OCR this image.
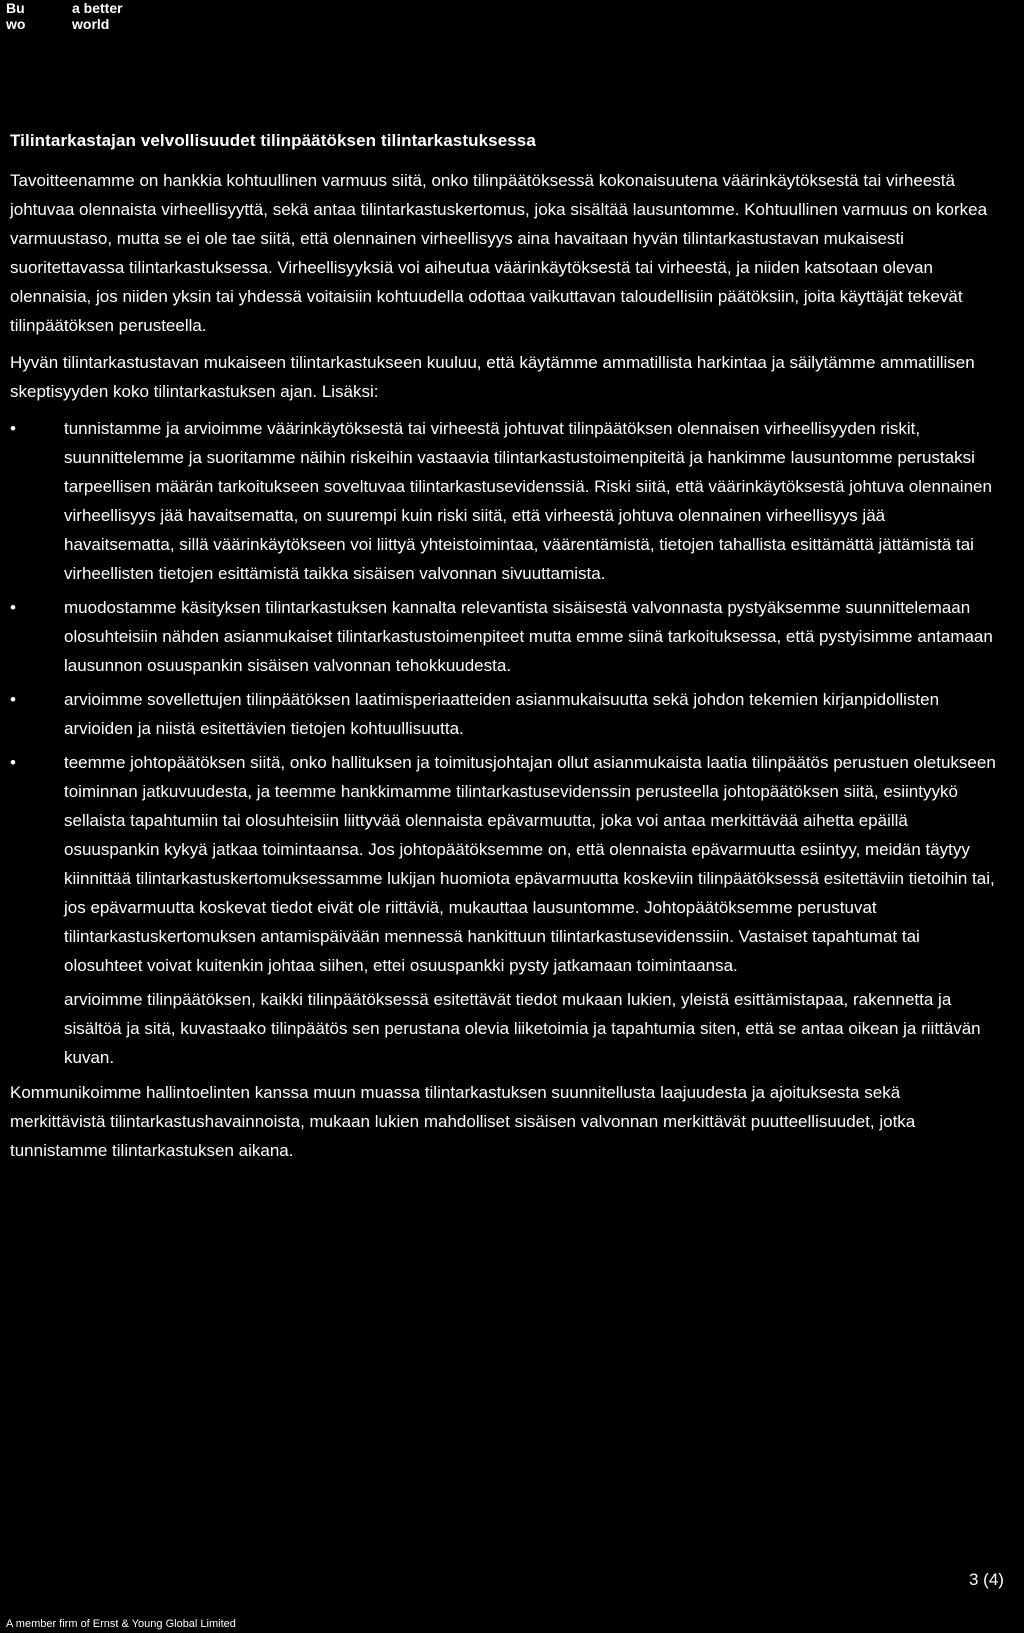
Bu
wo
a better
world
Tilintarkastajan velvollisuudet tilinpäätöksen tilintarkastuksessa

Tavoitteenamme on hankkia kohtuullinen varmuus siitä, onko tilinpäätöksessä kokonaisuutena väärinkäytöksestä tai virheestä johtuvaa olennaista virheellisyyttä, sekä antaa tilintarkastuskertomus, joka sisältää lausuntomme. Kohtuullinen varmuus on korkea varmuustaso, mutta se ei ole tae siitä, että olennainen virheellisyys aina havaitaan hyvän tilintarkastustavan mukaisesti suoritettavassa tilintarkastuksessa. Virheellisyyksiä voi aiheutua väärinkäytöksestä tai virheestä, ja niiden katsotaan olevan olennaisia, jos niiden yksin tai yhdessä voitaisiin kohtuudella odottaa vaikuttavan taloudellisiin päätöksiin, joita käyttäjät tekevät tilinpäätöksen perusteella.

Hyvän tilintarkastustavan mukaiseen tilintarkastukseen kuuluu, että käytämme ammatillista harkintaa ja säilytämme ammatillisen skeptisyyden koko tilintarkastuksen ajan. Lisäksi:

•	tunnistamme ja arvioimme väärinkäytöksestä tai virheestä johtuvat tilinpäätöksen olennaisen virheellisyyden riskit, suunnittelemme ja suoritamme näihin riskeihin vastaavia tilintarkastustoimenpiteitä ja hankimme lausuntomme perustaksi tarpeellisen määrän tarkoitukseen soveltuvaa tilintarkastusevidenssiä. Riski siitä, että väärinkäytöksestä johtuva olennainen virheellisyys jää havaitsematta, on suurempi kuin riski siitä, että virheestä johtuva olennainen virheellisyys jää havaitsematta, sillä väärinkäytökseen voi liittyä yhteistoimintaa, väärentämistä, tietojen tahallista esittämättä jättämistä tai virheellisten tietojen esittämistä taikka sisäisen valvonnan sivuuttamista.
•	muodostamme käsityksen tilintarkastuksen kannalta relevantista sisäisestä valvonnasta pystyäksemme suunnittelemaan olosuhteisiin nähden asianmukaiset tilintarkastustoimenpiteet mutta emme siinä tarkoituksessa, että pystyisimme antamaan lausunnon osuuspankin sisäisen valvonnan tehokkuudesta.
•	arvioimme sovellettujen tilinpäätöksen laatimisperiaatteiden asianmukaisuutta sekä johdon tekemien kirjanpidollisten arvioiden ja niistä esitettävien tietojen kohtuullisuutta.
•	teemme johtopäätöksen siitä, onko hallituksen ja toimitusjohtajan ollut asianmukaista laatia tilinpäätös perustuen oletukseen toiminnan jatkuvuudesta, ja teemme hankkimamme tilintarkastusevidenssin perusteella johtopäätöksen siitä, esiintyykö sellaista tapahtumiin tai olosuhteisiin liittyvää olennaista epävarmuutta, joka voi antaa merkittävää aihetta epäillä osuuspankin kykyä jatkaa toimintaansa. Jos johtopäätöksemme on, että olennaista epävarmuutta esiintyy, meidän täytyy kiinnittää tilintarkastuskertomuksessamme lukijan huomiota epävarmuutta koskeviin tilinpäätöksessä esitettäviin tietoihin tai, jos epävarmuutta koskevat tiedot eivät ole riittäviä, mukauttaa lausuntomme. Johtopäätöksemme perustuvat tilintarkastuskertomuksen antamispäivään mennessä hankittuun tilintarkastusevidenssiin. Vastaiset tapahtumat tai olosuhteet voivat kuitenkin johtaa siihen, ettei osuuspankki pysty jatkamaan toimintaansa.
arvioimme tilinpäätöksen, kaikki tilinpäätöksessä esitettävät tiedot mukaan lukien, yleistä esittämistapaa, rakennetta ja sisältöä ja sitä, kuvastaako tilinpäätös sen perustana olevia liiketoimia ja tapahtumia siten, että se antaa oikean ja riittävän kuvan.

Kommunikoimme hallintoelinten kanssa muun muassa tilintarkastuksen suunnitellusta laajuudesta ja ajoituksesta sekä merkittävistä tilintarkastushavainnoista, mukaan lukien mahdolliset sisäisen valvonnan merkittävät puutteellisuudet, jotka tunnistamme tilintarkastuksen aikana.

3 (4)
A member firm of Ernst & Young Global Limited
